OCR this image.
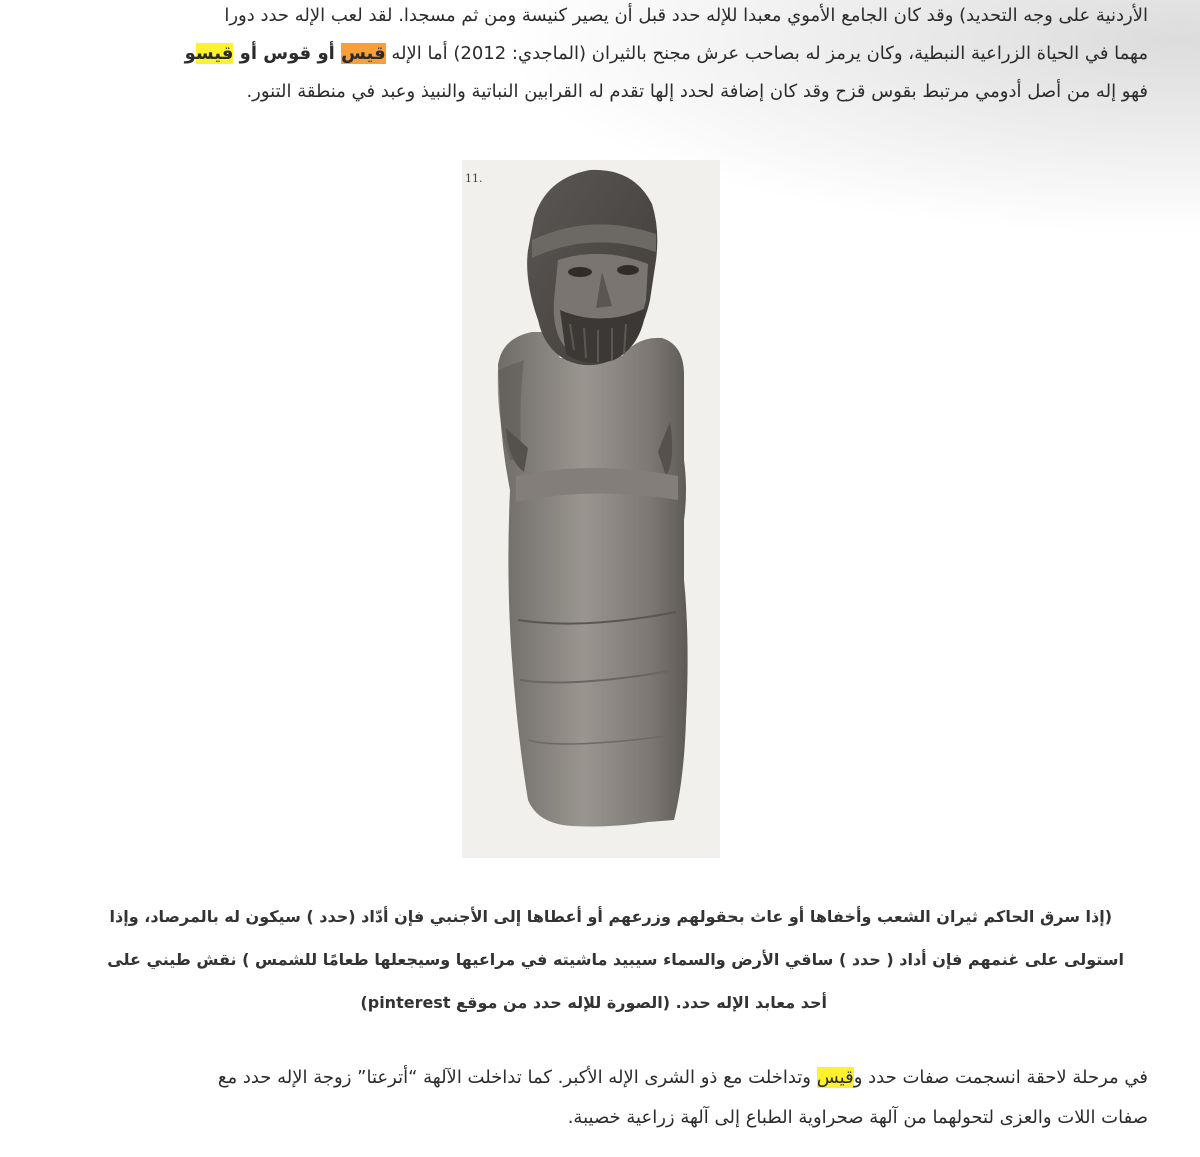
الأردنية على وجه التحديد) وقد كان الجامع الأموي معبدا للإله حدد قبل أن يصير كنيسة ومن ثم مسجدا. لقد لعب الإله حدد دورا
مهما في الحياة الزراعية النبطية، وكان يرمز له بصاحب عرش مجنح بالثيران (الماجدي: 2012) أما الإله قيس أو قوس أو قيسو
فهو إله من أصل أدومي مرتبط بقوس قزح وقد كان إضافة لحدد إلها تقدم له القرابين النباتية والنبيذ وعبد في منطقة التنور.
11.
(إذا سرق الحاكم ثيران الشعب وأخفاها أو عاث بحقولهم وزرعهم أو أعطاها إلى الأجنبي فإن أدّاد (حدد ) سيكون له بالمرصاد، وإذا
استولى على غنمهم فإن أداد ( حدد ) ساقي الأرض والسماء سيبيد ماشيته في مراعيها وسيجعلها طعامًا للشمس ) نقش طيني على
أحد معابد الإله حدد. (الصورة للإله حدد من موقع pinterest)
في مرحلة لاحقة انسجمت صفات حدد وقيس وتداخلت مع ذو الشرى الإله الأكبر. كما تداخلت الآلهة “أترعتا” زوجة الإله حدد مع
صفات اللات والعزى لتحولهما من آلهة صحراوية الطباع إلى آلهة زراعية خصيبة.
